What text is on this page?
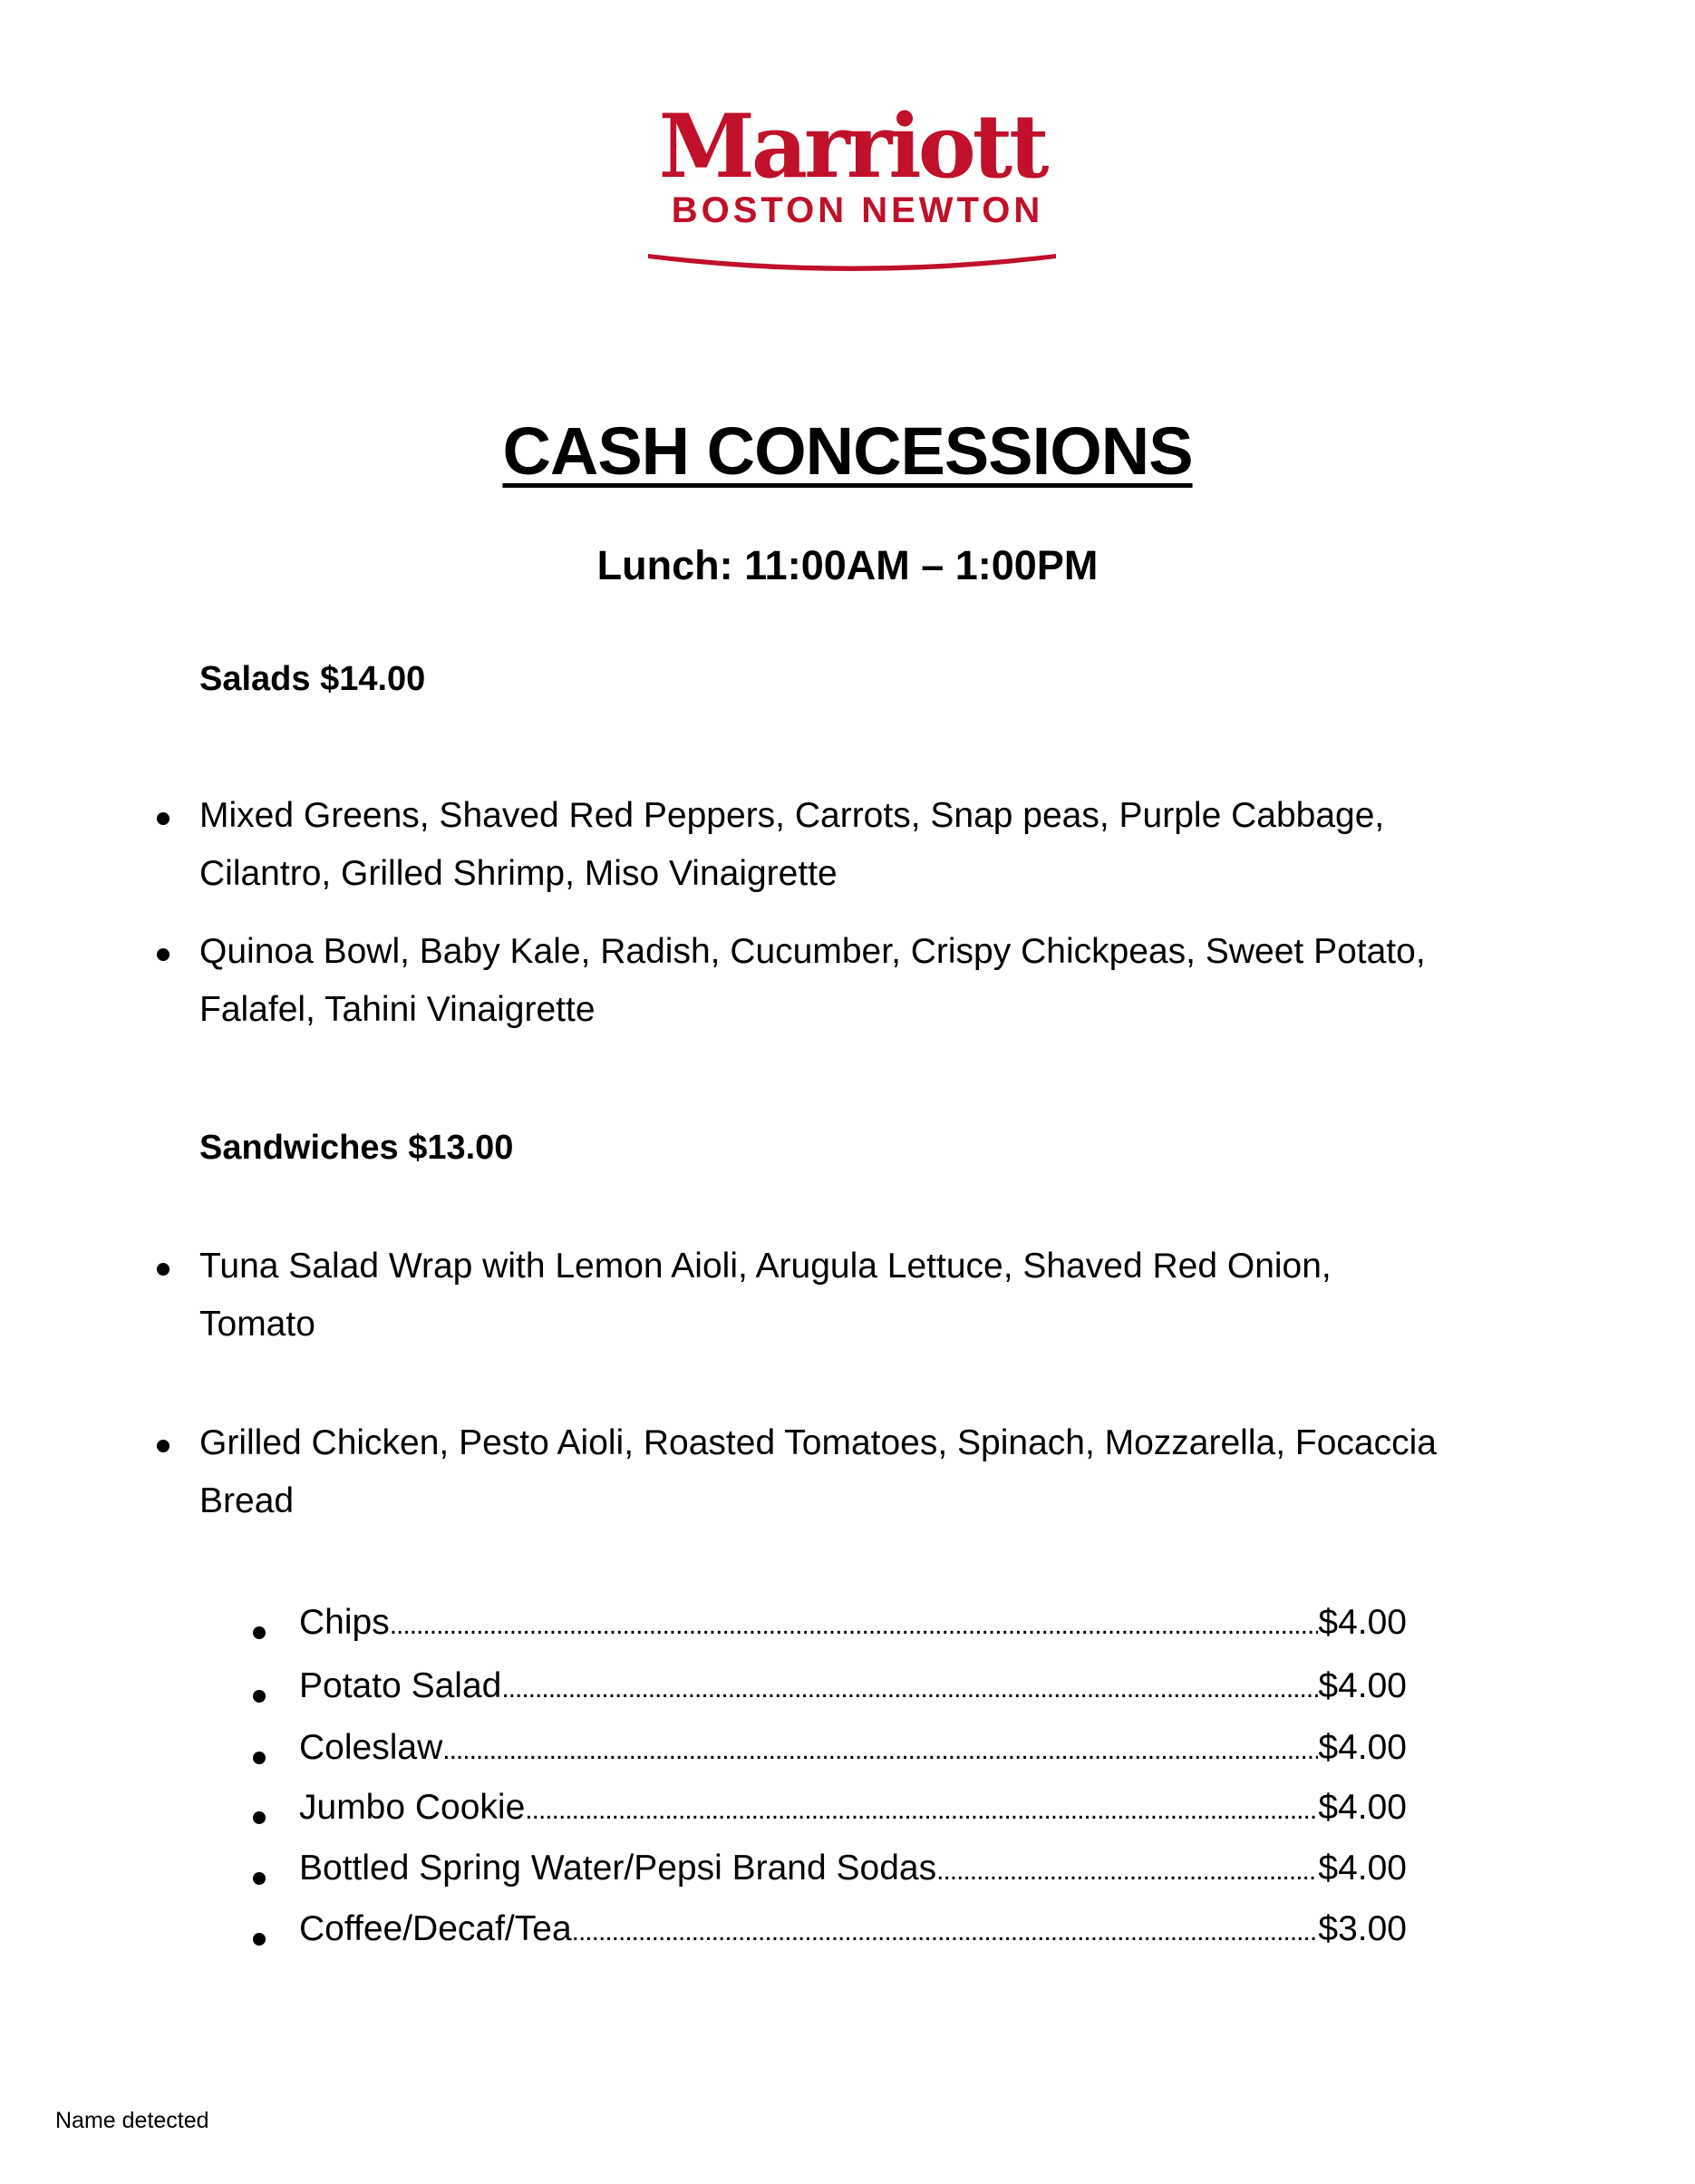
Marriott
BOSTON NEWTON
CASH CONCESSIONS
Lunch: 11:00AM – 1:00PM
Salads $14.00
Mixed Greens, Shaved Red Peppers, Carrots, Snap peas, Purple Cabbage,
Cilantro, Grilled Shrimp, Miso Vinaigrette
Quinoa Bowl, Baby Kale, Radish, Cucumber, Crispy Chickpeas, Sweet Potato,
Falafel, Tahini Vinaigrette
Sandwiches $13.00
Tuna Salad Wrap with Lemon Aioli, Arugula Lettuce, Shaved Red Onion,
Tomato
Grilled Chicken, Pesto Aioli, Roasted Tomatoes, Spinach, Mozzarella, Focaccia
Bread
Chips .....	$4.00
Potato Salad .....	$4.00
Coleslaw .....	$4.00
Jumbo Cookie .....	$4.00
Bottled Spring Water/Pepsi Brand Sodas .....	$4.00
Coffee/Decaf/Tea .....	$3.00
Name detected
